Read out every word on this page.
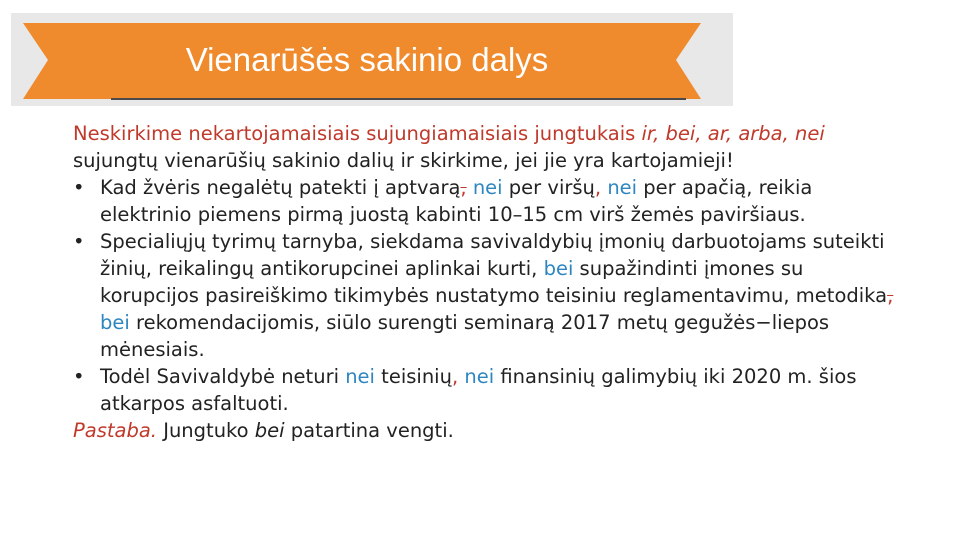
Vienarūšės sakinio dalys

Neskirkime nekartojamaisiais sujungiamaisiais jungtukais ir, bei, ar, arba, nei sujungtų vienarūšių sakinio dalių ir skirkime, jei jie yra kartojamieji!

• Kad žvėris negalėtų patekti į aptvarą, nei per viršų, nei per apačią, reikia elektrinio piemens pirmą juostą kabinti 10–15 cm virš žemės paviršiaus.
• Specialiųjų tyrimų tarnyba, siekdama savivaldybių įmonių darbuotojams suteikti žinių, reikalingų antikorupcinei aplinkai kurti, bei supažindinti įmones su korupcijos pasireiškimo tikimybės nustatymo teisiniu reglamentavimu, metodika, bei rekomendacijomis, siūlo surengti seminarą 2017 metų gegužės−liepos mėnesiais.
• Todėl Savivaldybė neturi nei teisinių, nei finansinių galimybių iki 2020 m. šios atkarpos asfaltuoti.

Pastaba. Jungtuko bei patartina vengti.
